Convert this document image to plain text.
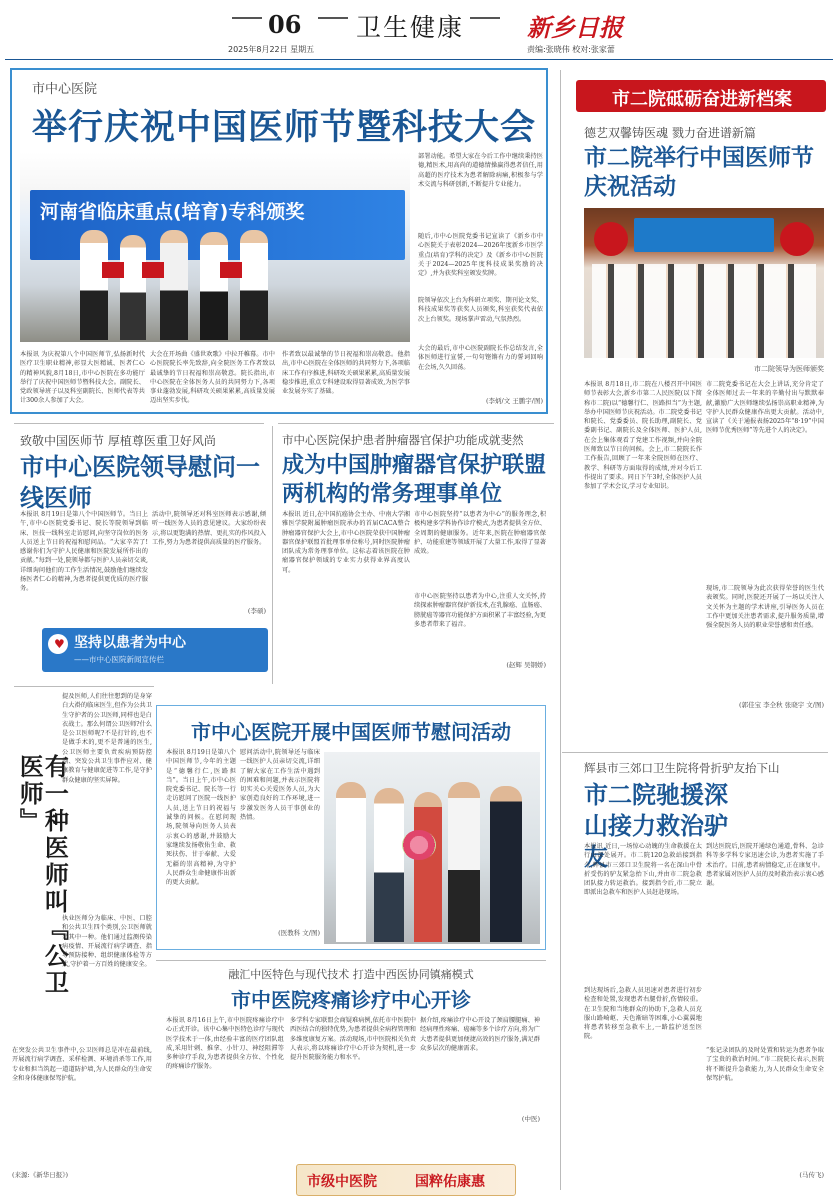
06 卫生健康
2025年8月22日 星期五
新乡日报
责编:张晓伟 校对:张家蕾
市中心医院
举行庆祝中国医师节暨科技大会
河南省临床重点(培育)专科颁奖
部署动能。希望大家在今后工作中继续秉持医德,精医术,用高尚的道德情操赢得患者信任,用高超的医疗技术为患者解除病痛,积极参与学术交流与科研创新,不断提升专业能力。
随后,市中心医院党委书记宣读了《新乡市中心医院关于表彰2024—2026年度新乡市医学重点(培育)学科的决定》及《新乡市中心医院关于2024—2025年度科技成果奖励的决定》,并为获奖科室颁发奖牌。
院领导依次上台为科研立项奖、期刊论文奖、科技成果奖等获奖人员颁奖,科室获奖代表依次上台领奖。现场掌声雷动,气氛热烈。
本报讯 为庆祝第八个中国医师节,弘扬新时代医疗卫生职业精神,彰显大医精诚、医者仁心的精神风貌,8月18日,市中心医院在多功能厅举行了庆祝中国医师节暨科技大会。副院长、党政领导班子以及科室副院长、医师代表等共计300余人参加了大会。
大会在开场曲《盛世欢歌》中拉开帷幕。市中心医院院长率先致辞,向全院医务工作者致以最诚挚的节日祝福和崇高敬意。院长指出,市中心医院在全体医务人员的共同努力下,各项事业蓬勃发展,科研攻关硕果累累,高质量发展迈出坚实步伐。
作者致以最诚挚的节日祝福和崇高敬意。他指出,市中心医院在全体医师的共同努力下,各项临床工作有序推进,科研攻关硕果累累,高质量发展稳步推进,重点专科建设取得显著成效,为医学事业发展夯实了基础。
大会的最后,市中心医院副院长作总结发言,全体医师进行宣誓,一句句铿锵有力的誓词回响在会场,久久回荡。
(李炳/文 王鹏宇/图)
市二院砥砺奋进新档案
德艺双馨铸医魂 戮力奋进谱新篇
市二院举行中国医师节庆祝活动
市二院领导为医师颁奖
本报讯 8月18日,市二院在八楼召开中国医师节表彰大会,新乡市第二人民医院(以下简称市二院)以“德馨行仁、医路担当”为主题,举办中国医师节庆祝活动。市二院党委书记和院长、党委委员、院长助理,副院长、党委副书记、副院长及全体医师、医护人员,在会上集体观看了党建工作视频,并向全院医师致以节日的问候。会上,市二院院长作工作报告,回顾了一年来全院医师在医疗、教学、科研等方面取得的成绩,并对今后工作提出了要求。同日下午3时,全体医护人员参加了学术会议,学习专业知识。
市二院党委书记在大会上讲话,充分肯定了全体医师过去一年来的辛勤付出与默默奉献,激励广大医师继续弘扬崇高职业精神,为守护人民群众健康作出更大贡献。活动中,宣读了《关于通报表扬2025年“8·19”中国医师节优秀医师”等先进个人的决定》。
现场,市二院领导为此次获得荣誉的医生代表颁奖。同时,医院还开展了一场以关注人文关怀为主题的学术讲座,引导医务人员在工作中更加关注患者需求,提升服务质量,增强全院医务人员的职业荣誉感和责任感。
(郭佳宝 李全秋 张晓宇 文/图)
致敬中国医师节 厚植尊医重卫好风尚
市中心医院领导慰问一线医师
本报讯 8月19日是第八个中国医师节。当日上午,市中心医院党委书记、院长等院领导到临床、医技一线科室走访慰问,向坚守岗位的医务人员送上节日的祝福和慰问品。“大家辛苦了!感谢你们为守护人民健康和医院发展所作出的贡献。”每到一处,院领导都与医护人员亲切交谈,详细询问他们的工作生活情况,鼓励他们继续发扬医者仁心的精神,为患者提供更优质的医疗服务。
活动中,院领导还对科室医师表示感谢,倾听一线医务人员的意见建议。大家纷纷表示,将以更饱满的热情、更扎实的作风投入工作,努力为患者提供高质量的医疗服务。
(李硕)
♥ 坚持以患者为中心
——市中心医院新闻宣传栏
市中心医院保护患者肿瘤器官保护功能成就斐然
成为中国肿瘤器官保护联盟两机构的常务理事单位
本报讯 近日,在中国抗癌协会主办、中南大学湘雅医学院附属肿瘤医院承办的首届CACA整合肿瘤器官保护大会上,市中心医院荣获中国肿瘤器官保护联盟首批理事单位称号,同时医院肿瘤团队成为常务理事单位。这标志着该医院在肿瘤器官保护领域的专业实力获得业界高度认可。
市中心医院坚持“以患者为中心”的服务理念,积极构建多学科协作诊疗模式,为患者提供全方位、全周期的健康服务。近年来,医院在肿瘤器官保护、功能重建等领域开展了大量工作,取得了显著成效。
市中心医院坚持以患者为中心,注重人文关怀,持续探索肿瘤器官保护新技术,在乳腺癌、直肠癌、膀胱癌等器官功能保护方面积累了丰富经验,为更多患者带来了福音。
(赵辉 吴钢娇)
有一种医师叫『公卫医师』
提及医师,人们往往想到的是身穿白大褂的临床医生,但作为公共卫生守护者的公卫医师,同样也是白衣战士。那么何谓公卫医师?什么是公卫医师呢?不是打针的,也不是做手术的,更不是普通的医生,公卫医师主要负责疾病预防控制、突发公共卫生事件应对、健康教育与健康促进等工作,是守护群众健康的坚实屏障。
执业医师分为临床、中医、口腔和公共卫生四个类别,公卫医师就是其中一种。他们通过监测传染病疫情、开展流行病学调查、指导预防接种、组织健康体检等方式,守护着一方百姓的健康安全。
在突发公共卫生事件中,公卫医师总是冲在最前线,开展流行病学调查、采样检测、环境消杀等工作,用专业和担当筑起一道道防护墙,为人民群众的生命安全和身体健康保驾护航。
(来源:《新华日报》)
市中心医院开展中国医师节慰问活动
本报讯 8月19日是第八个中国医师节,今年的主题是“德馨行仁,医路担当”。当日上午,市中心医院党委书记、院长等一行走访慰问了医院一线医护人员,送上节日的祝福与诚挚的问候。在慰问现场,院领导向医务人员表示衷心的感谢,并鼓励大家继续发扬敬佑生命、救死扶伤、甘于奉献、大爱无疆的崇高精神,为守护人民群众生命健康作出新的更大贡献。
慰问活动中,院领导还与临床一线医护人员亲切交流,详细了解大家在工作生活中遇到的困难和问题,并表示医院将切实关心关爱医务人员,为大家创造良好的工作环境,进一步激发医务人员干事创业的热情。
(医教科 文/图)
融汇中医特色与现代技术 打造中西医协同镇痛模式
市中医院疼痛诊疗中心开诊
本报讯 8月16日上午,市中医院疼痛诊疗中心正式开诊。该中心集中医特色诊疗与现代医学技术于一体,由经验丰富的医疗团队组成,采用针刺、推拿、小针刀、神经阻滞等多种诊疗手段,为患者提供全方位、个性化的疼痛诊疗服务。
多学科专家联盟会商疑难病例,依托市中医院中西医结合的独特优势,为患者提供全病程管理和多维度康复方案。活动现场,市中医院相关负责人表示,将以疼痛诊疗中心开诊为契机,进一步提升医院服务能力和水平。
据介绍,疼痛诊疗中心开设了颈肩腰腿痛、神经病理性疼痛、癌痛等多个诊疗方向,将为广大患者提供更加便捷高效的医疗服务,满足群众多层次的健康需求。
(中医)
市级中医院	国粹佑康惠
辉县市三郊口卫生院将骨折驴友抬下山
市二院驰援深山接力救治驴友
本报讯 近日,一场惊心动魄的生命救援在太行山深处展开。市二院120急救站接到指令,辉县市三郊口卫生院将一名在深山中骨折受伤的驴友紧急抬下山,并由市二院急救团队接力转运救治。接到指令后,市二院立即派出急救车和医护人员赶赴现场。
到达现场后,急救人员迅速对患者进行初步检查和处置,发现患者右腿骨折,伤情较重。在卫生院和当地群众的协助下,急救人员克服山路崎岖、天色渐暗等困难,小心翼翼地将患者转移至急救车上,一路监护送至医院。
到达医院后,医院开通绿色通道,骨科、急诊科等多学科专家迅速会诊,为患者实施了手术治疗。目前,患者病情稳定,正在康复中。患者家属对医护人员的及时救治表示衷心感谢。
“张记录团队的及时处置和转运为患者争取了宝贵的救治时间。”市二院院长表示,医院将不断提升急救能力,为人民群众生命安全保驾护航。
(马传飞)
